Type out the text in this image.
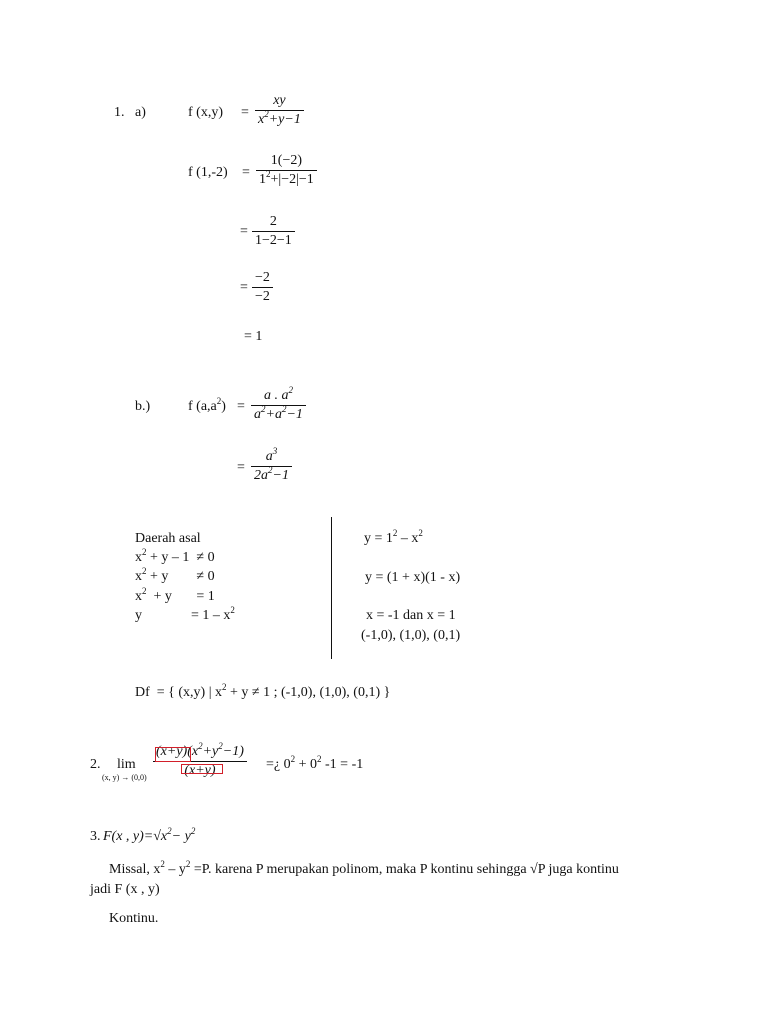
1. a)	f $(x,y) = \frac{xy}{x^2+y-1}$
f $(1,-2) = \frac{1(-2)}{1^2+|-2|-1}$
= $\frac{2}{1-2-1}$
= $\frac{-2}{-2}$
= 1
b.)	f $(a,a^2) = \frac{a . a^2}{a^2+a^2-1}$
= $\frac{a^3}{2a^2-1}$
Daerah asal
$x^2 + y - 1 \ne 0$
$x^2 + y$        ≠ 0
$x^2 + y$       = 1
y              = $1 - x^2$
$y = 1^2 - x^2$
y = (1 + x)(1 - x)
x = -1 dan x = 1
(-1,0), (1,0), (0,1)
Df  = { (x,y) | $x^2 + y \ne 1$ ; (-1,0), (1,0), (0,1) }
2. lim
(x, $y) \to (0,0) \frac{(x+y)(x^2+y^2-1)}{(x+y)}$ =¿ $0^2 + 0^2$ -1 = -1
3. F(x , $y)=√x^2- y^2$
Missal, $x^2 - y^2 =P$. karena P merupakan polinom, maka P kontinu sehingga √P juga kontinu
jadi F (x , y)
Kontinu.
